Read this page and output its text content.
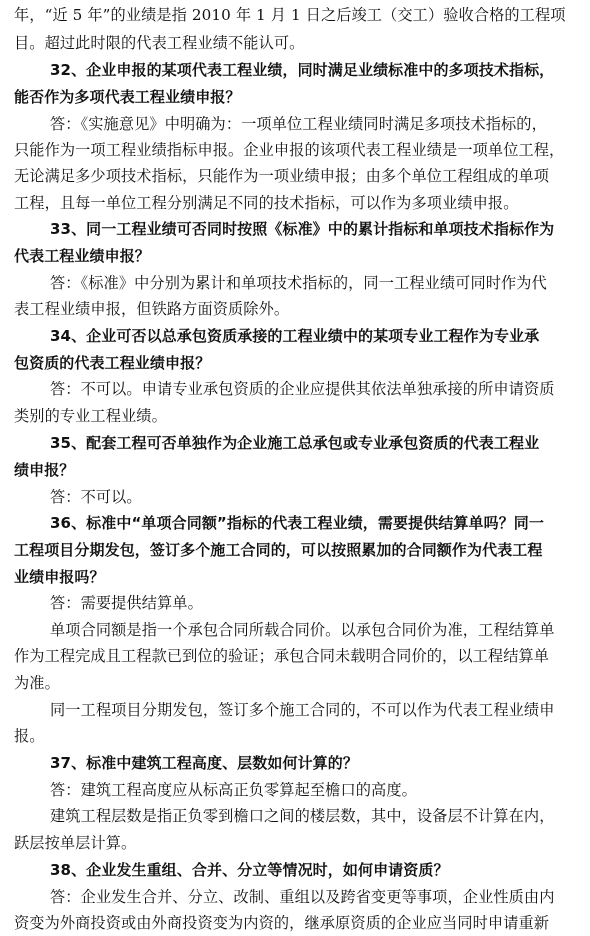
年，“近 5 年”的业绩是指 2010 年 1 月 1 日之后竣工（交工）验收合格的工程项
目。超过此时限的代表工程业绩不能认可。
32、企业申报的某项代表工程业绩，同时满足业绩标准中的多项技术指标，
能否作为多项代表工程业绩申报？
答：《实施意见》中明确为：一项单位工程业绩同时满足多项技术指标的，
只能作为一项工程业绩指标申报。企业申报的该项代表工程业绩是一项单位工程，
无论满足多少项技术指标，只能作为一项业绩申报；由多个单位工程组成的单项
工程，且每一单位工程分别满足不同的技术指标，可以作为多项业绩申报。
33、同一工程业绩可否同时按照《标准》中的累计指标和单项技术指标作为
代表工程业绩申报？
答：《标准》中分别为累计和单项技术指标的，同一工程业绩可同时作为代
表工程业绩申报，但铁路方面资质除外。
34、企业可否以总承包资质承接的工程业绩中的某项专业工程作为专业承
包资质的代表工程业绩申报？
答：不可以。申请专业承包资质的企业应提供其依法单独承接的所申请资质
类别的专业工程业绩。
35、配套工程可否单独作为企业施工总承包或专业承包资质的代表工程业
绩申报？
答：不可以。
36、标准中“单项合同额”指标的代表工程业绩，需要提供结算单吗？同一
工程项目分期发包，签订多个施工合同的，可以按照累加的合同额作为代表工程
业绩申报吗？
答：需要提供结算单。
单项合同额是指一个承包合同所载合同价。以承包合同价为准，工程结算单
作为工程完成且工程款已到位的验证；承包合同未载明合同价的，以工程结算单
为准。
同一工程项目分期发包，签订多个施工合同的，不可以作为代表工程业绩申
报。
37、标准中建筑工程高度、层数如何计算的？
答：建筑工程高度应从标高正负零算起至檐口的高度。
建筑工程层数是指正负零到檐口之间的楼层数，其中，设备层不计算在内，
跃层按单层计算。
38、企业发生重组、合并、分立等情况时，如何申请资质？
答：企业发生合并、分立、改制、重组以及跨省变更等事项，企业性质由内
资变为外商投资或由外商投资变为内资的，继承原资质的企业应当同时申请重新
